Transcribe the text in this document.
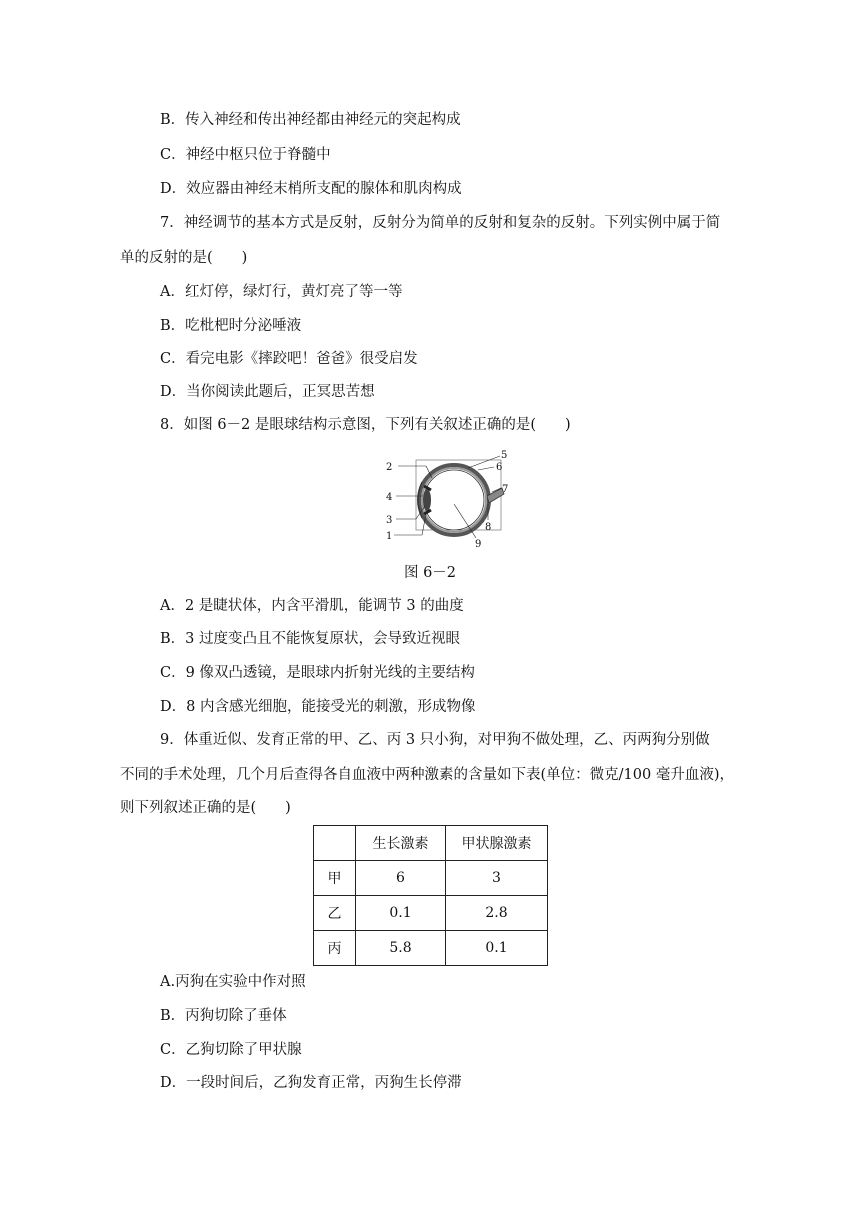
B．传入神经和传出神经都由神经元的突起构成
C．神经中枢只位于脊髓中
D．效应器由神经末梢所支配的腺体和肌肉构成
7．神经调节的基本方式是反射，反射分为简单的反射和复杂的反射。下列实例中属于简
单的反射的是(　　)
A．红灯停，绿灯行，黄灯亮了等一等
B．吃枇杷时分泌唾液
C．看完电影《摔跤吧！爸爸》很受启发
D．当你阅读此题后，正冥思苦想
8．如图 6－2 是眼球结构示意图，下列有关叙述正确的是(　　)
1
2
3
4
5
6
7
8
9
图 6－2
A．2 是睫状体，内含平滑肌，能调节 3 的曲度
B．3 过度变凸且不能恢复原状，会导致近视眼
C．9 像双凸透镜，是眼球内折射光线的主要结构
D．8 内含感光细胞，能接受光的刺激，形成物像
9．体重近似、发育正常的甲、乙、丙 3 只小狗，对甲狗不做处理，乙、丙两狗分别做
不同的手术处理，几个月后查得各自血液中两种激素的含量如下表(单位：微克/100 毫升血液)，
则下列叙述正确的是(　　)
	生长激素	甲状腺激素
甲	6	3
乙	0.1	2.8
丙	5.8	0.1
A.丙狗在实验中作对照
B．丙狗切除了垂体
C．乙狗切除了甲状腺
D．一段时间后，乙狗发育正常，丙狗生长停滞
